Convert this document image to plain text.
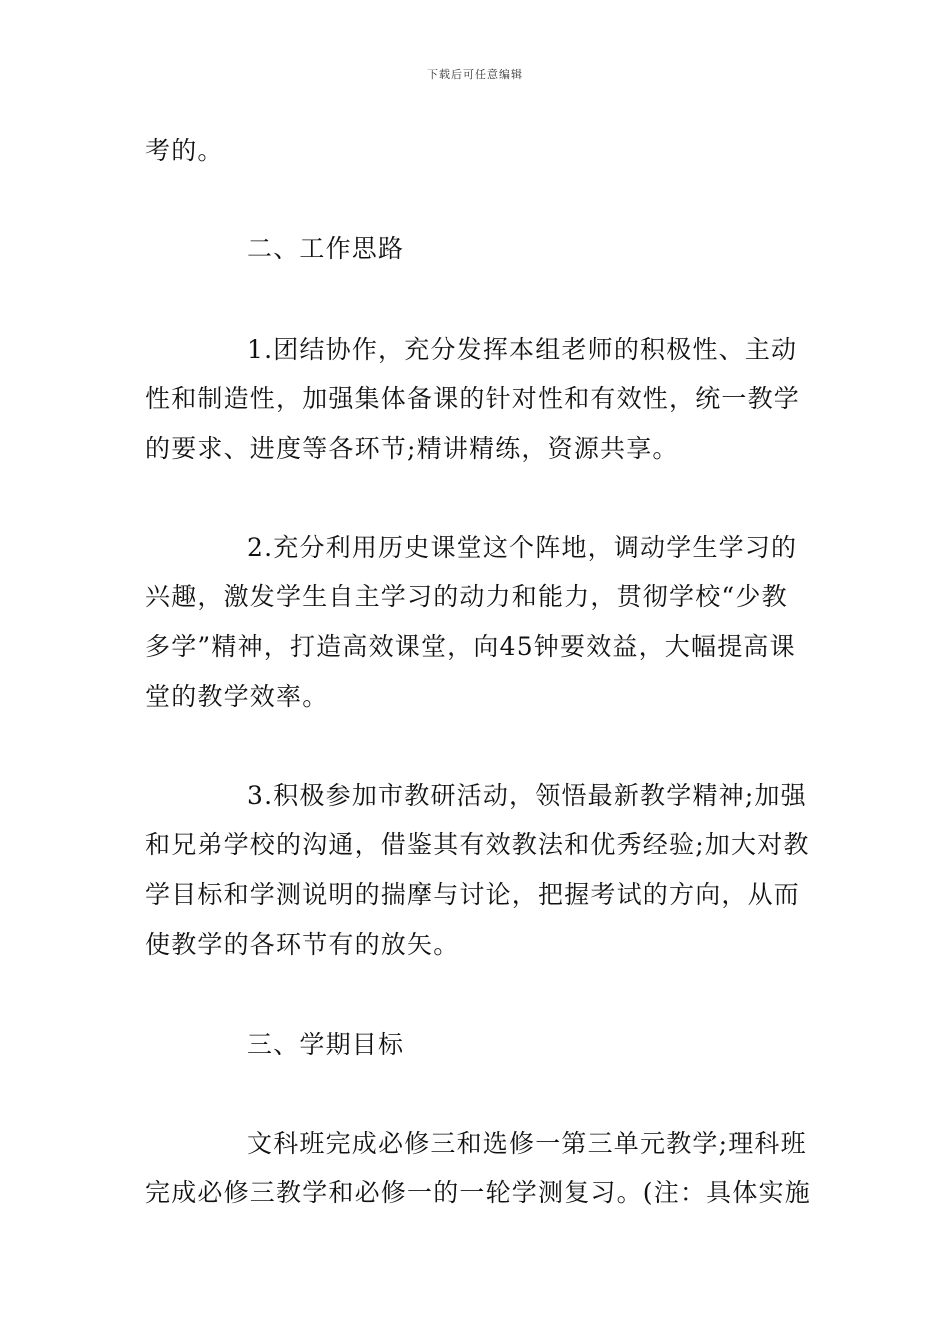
下载后可任意编辑
考的。
二、工作思路
1.团结协作，充分发挥本组老师的积极性、主动
性和制造性，加强集体备课的针对性和有效性，统一教学
的要求、进度等各环节;精讲精练，资源共享。
2.充分利用历史课堂这个阵地，调动学生学习的
兴趣，激发学生自主学习的动力和能力，贯彻学校“少教
多学”精神，打造高效课堂，向45钟要效益，大幅提高课
堂的教学效率。
3.积极参加市教研活动，领悟最新教学精神;加强
和兄弟学校的沟通，借鉴其有效教法和优秀经验;加大对教
学目标和学测说明的揣摩与讨论，把握考试的方向，从而
使教学的各环节有的放矢。
三、学期目标
文科班完成必修三和选修一第三单元教学;理科班
完成必修三教学和必修一的一轮学测复习。(注：具体实施
